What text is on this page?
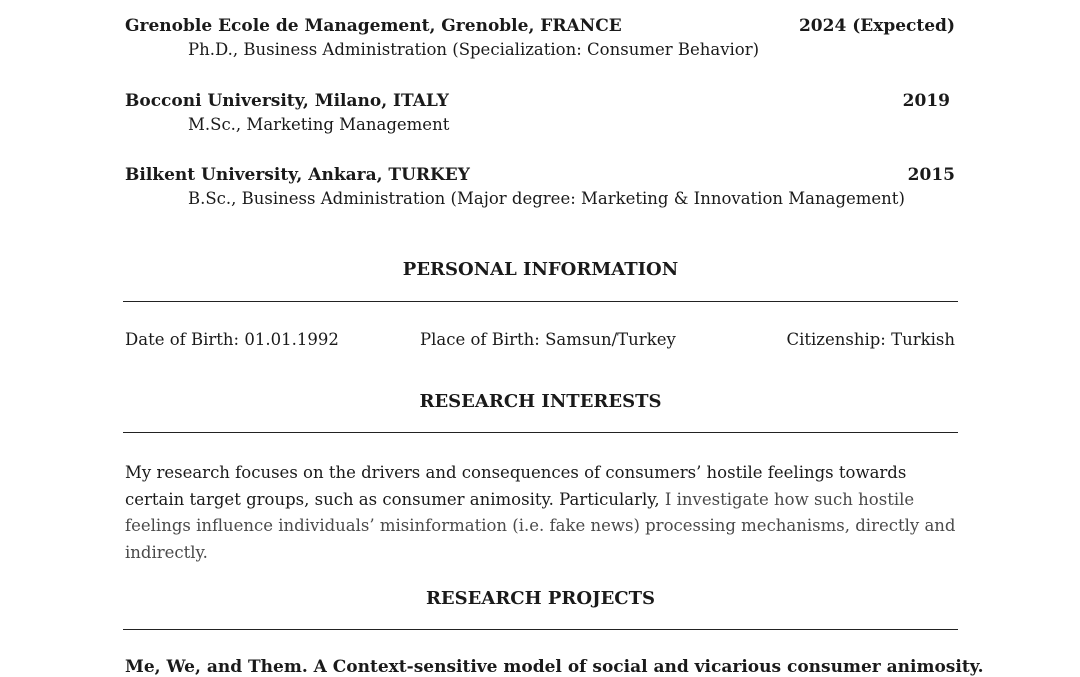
Grenoble Ecole de Management, Grenoble, FRANCE	2024 (Expected)
Ph.D., Business Administration (Specialization: Consumer Behavior)
Bocconi University, Milano, ITALY	2019
M.Sc., Marketing Management
Bilkent University, Ankara, TURKEY	2015
B.Sc., Business Administration (Major degree: Marketing & Innovation Management)
PERSONAL INFORMATION
Date of Birth: 01.01.1992	Place of Birth: Samsun/Turkey	Citizenship: Turkish
RESEARCH INTERESTS
My research focuses on the drivers and consequences of consumers’ hostile feelings towards certain target groups, such as consumer animosity. Particularly, I investigate how such hostile feelings influence individuals’ misinformation (i.e. fake news) processing mechanisms, directly and indirectly.
RESEARCH PROJECTS
Me, We, and Them. A Context-sensitive model of social and vicarious consumer animosity.
